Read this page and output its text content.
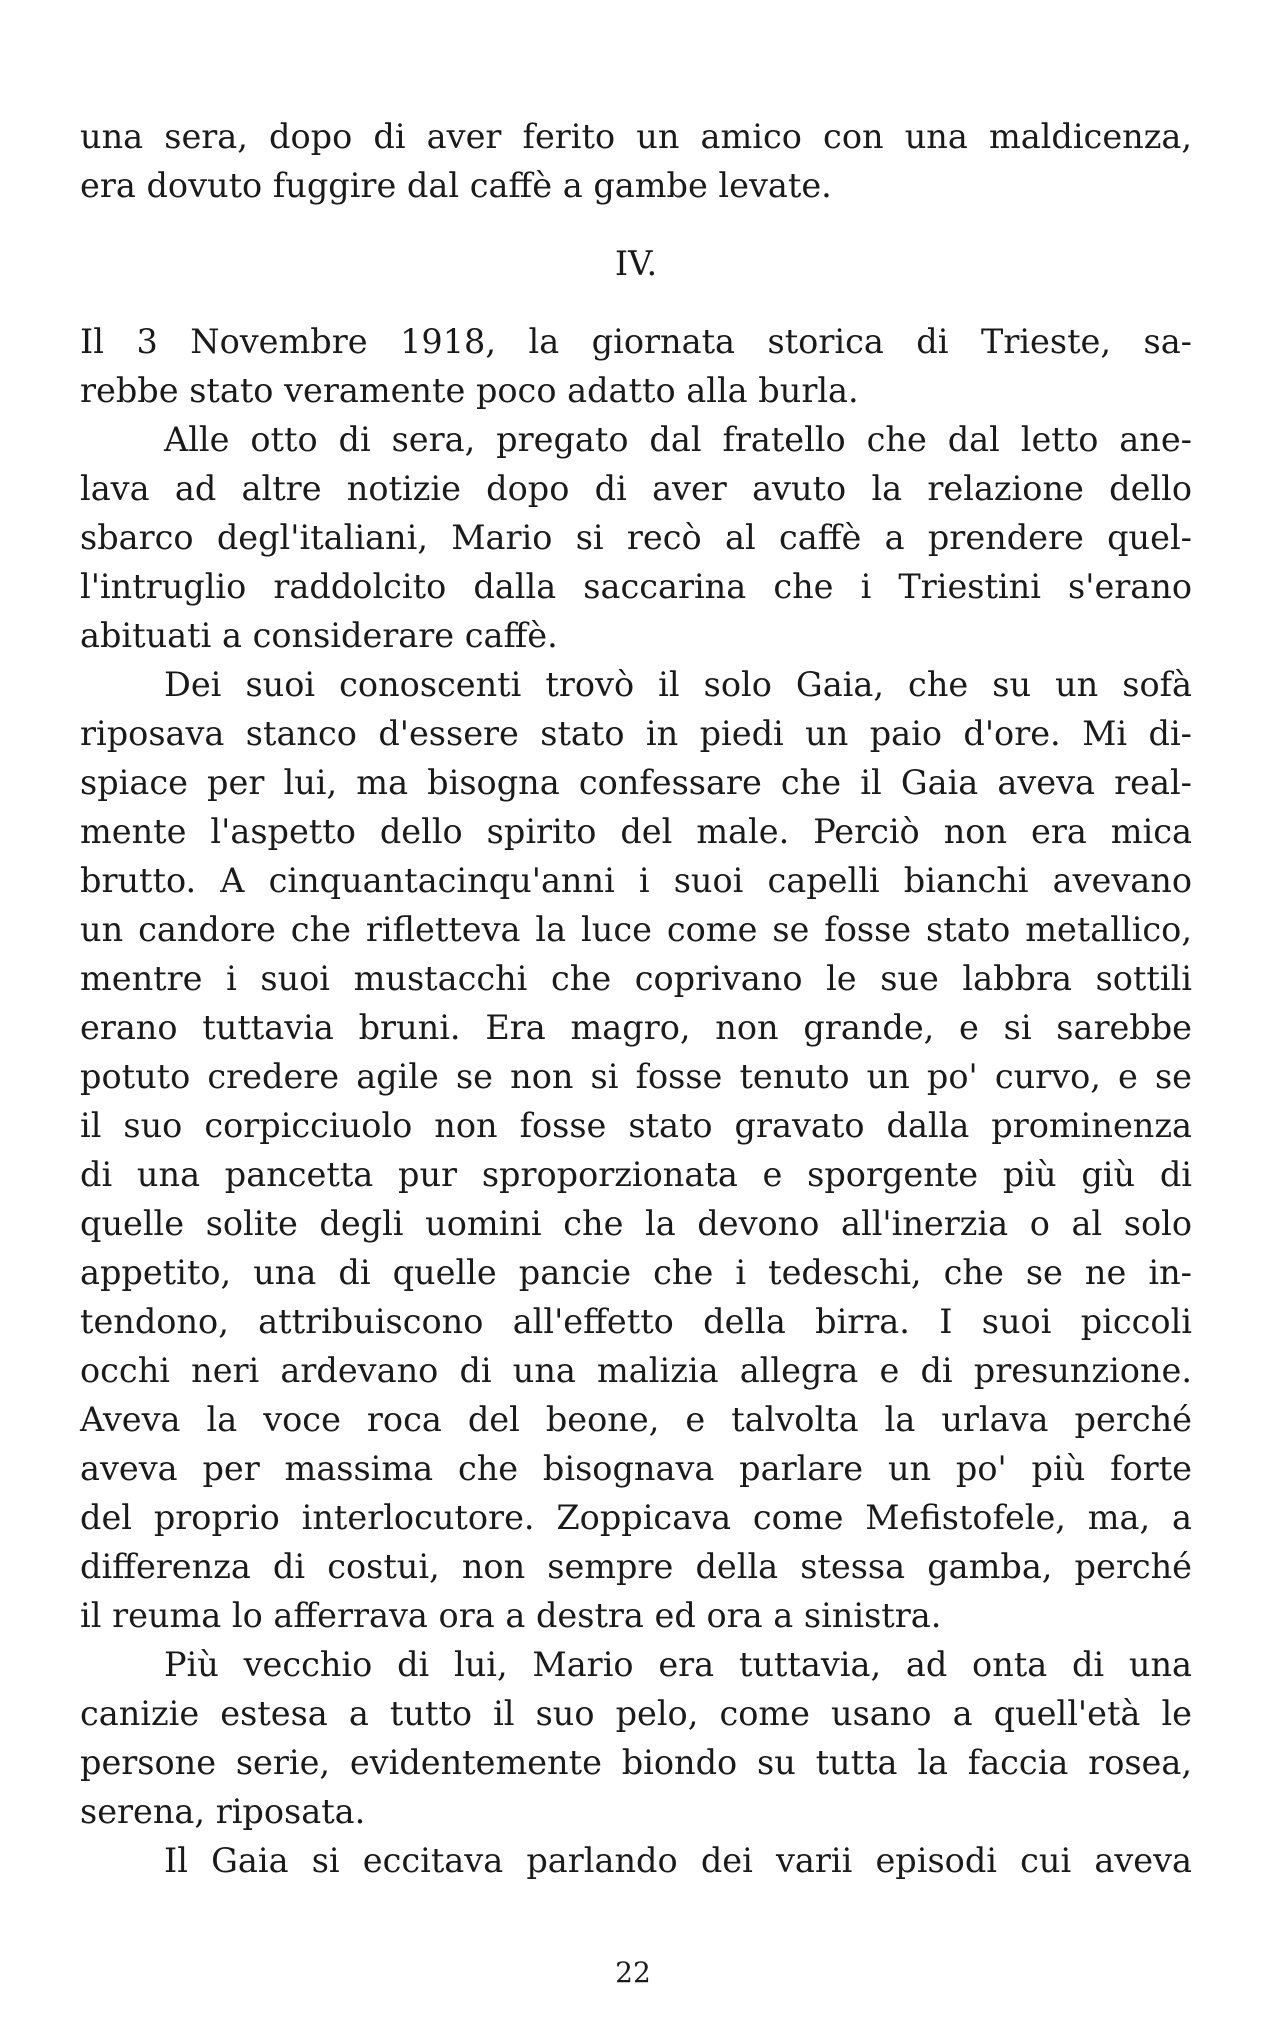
una sera, dopo di aver ferito un amico con una maldicenza,
era dovuto fuggire dal caffè a gambe levate.

IV.

Il 3 Novembre 1918, la giornata storica di Trieste, sa-
rebbe stato veramente poco adatto alla burla.

Alle otto di sera, pregato dal fratello che dal letto ane-
lava ad altre notizie dopo di aver avuto la relazione dello
sbarco degl'italiani, Mario si recò al caffè a prendere quel-
l'intruglio raddolcito dalla saccarina che i Triestini s'erano
abituati a considerare caffè.

Dei suoi conoscenti trovò il solo Gaia, che su un sofà
riposava stanco d'essere stato in piedi un paio d'ore. Mi di-
spiace per lui, ma bisogna confessare che il Gaia aveva real-
mente l'aspetto dello spirito del male. Perciò non era mica
brutto. A cinquantacinqu'anni i suoi capelli bianchi avevano
un candore che rifletteva la luce come se fosse stato metallico,
mentre i suoi mustacchi che coprivano le sue labbra sottili
erano tuttavia bruni. Era magro, non grande, e si sarebbe
potuto credere agile se non si fosse tenuto un po' curvo, e se
il suo corpicciuolo non fosse stato gravato dalla prominenza
di una pancetta pur sproporzionata e sporgente più giù di
quelle solite degli uomini che la devono all'inerzia o al solo
appetito, una di quelle pancie che i tedeschi, che se ne in-
tendono, attribuiscono all'effetto della birra. I suoi piccoli
occhi neri ardevano di una malizia allegra e di presunzione.
Aveva la voce roca del beone, e talvolta la urlava perché
aveva per massima che bisognava parlare un po' più forte
del proprio interlocutore. Zoppicava come Mefistofele, ma, a
differenza di costui, non sempre della stessa gamba, perché
il reuma lo afferrava ora a destra ed ora a sinistra.

Più vecchio di lui, Mario era tuttavia, ad onta di una
canizie estesa a tutto il suo pelo, come usano a quell'età le
persone serie, evidentemente biondo su tutta la faccia rosea,
serena, riposata.

Il Gaia si eccitava parlando dei varii episodi cui aveva

22
